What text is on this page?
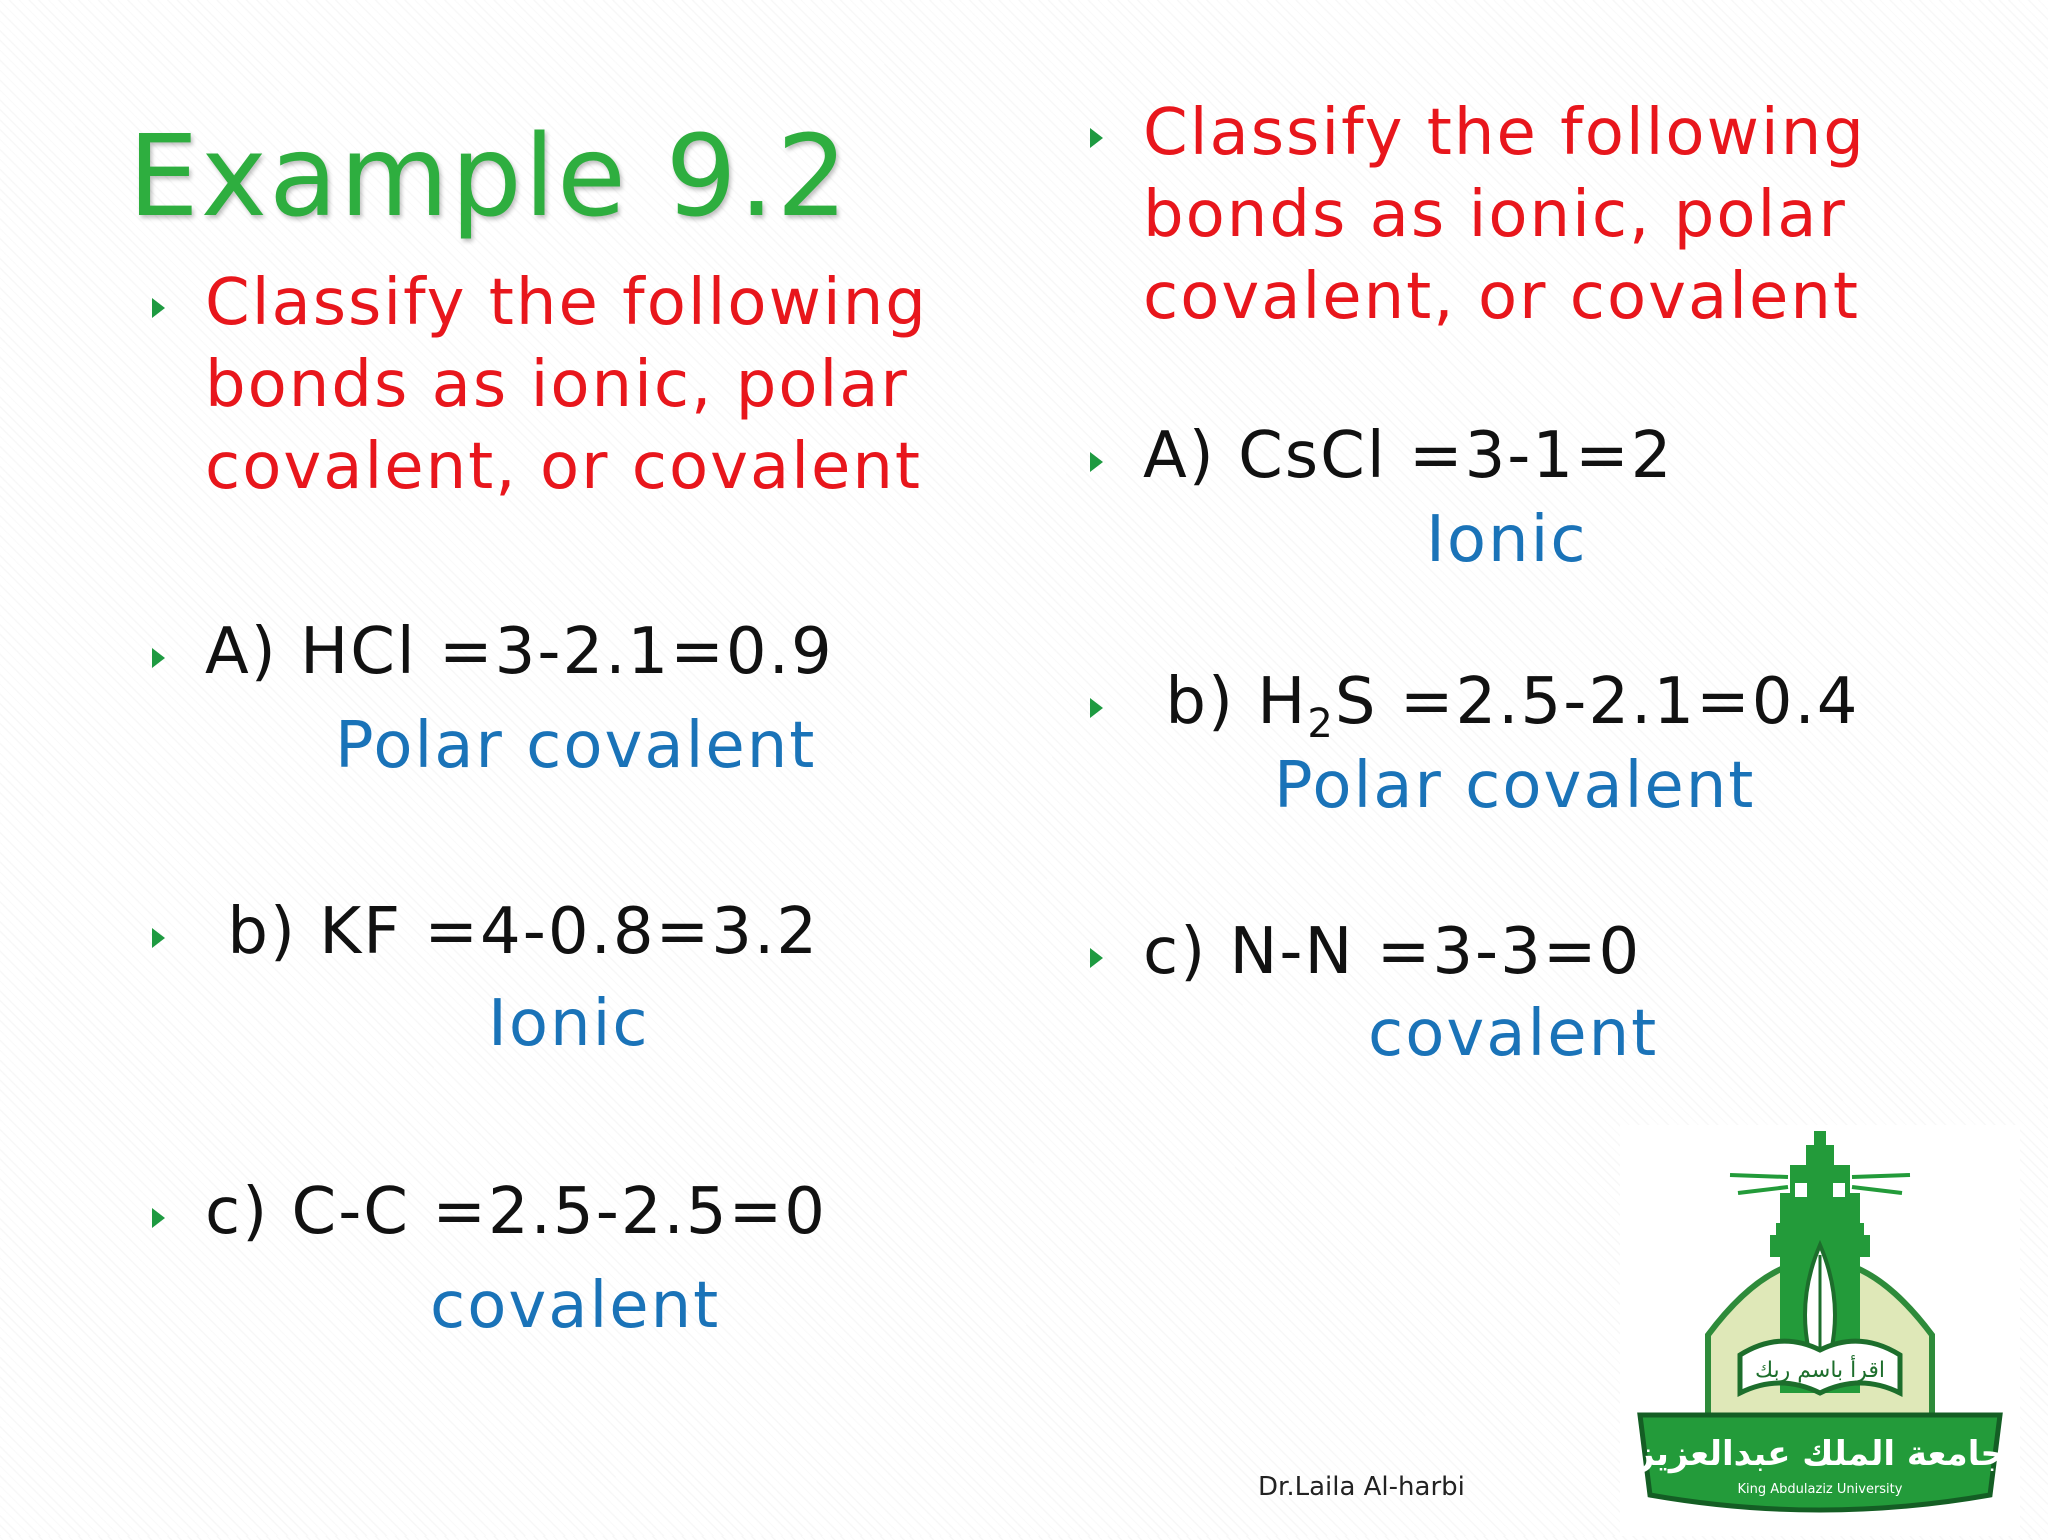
Example 9.2
Classify the following
bonds as ionic, polar
covalent, or covalent
A) HCl =3-2.1=0.9
Polar covalent
b) KF =4-0.8=3.2
Ionic
c) C-C =2.5-2.5=0
covalent
Classify the following
bonds as ionic, polar
covalent, or covalent
A) CsCl =3-1=2
Ionic
b) $H_2S =2.5-2.1=0.4$
Polar covalent
c) N-N =3-3=0
covalent
Dr.Laila Al-harbi
اقرأ باسم ربك
جامعة الملك عبدالعزيز
King Abdulaziz University
